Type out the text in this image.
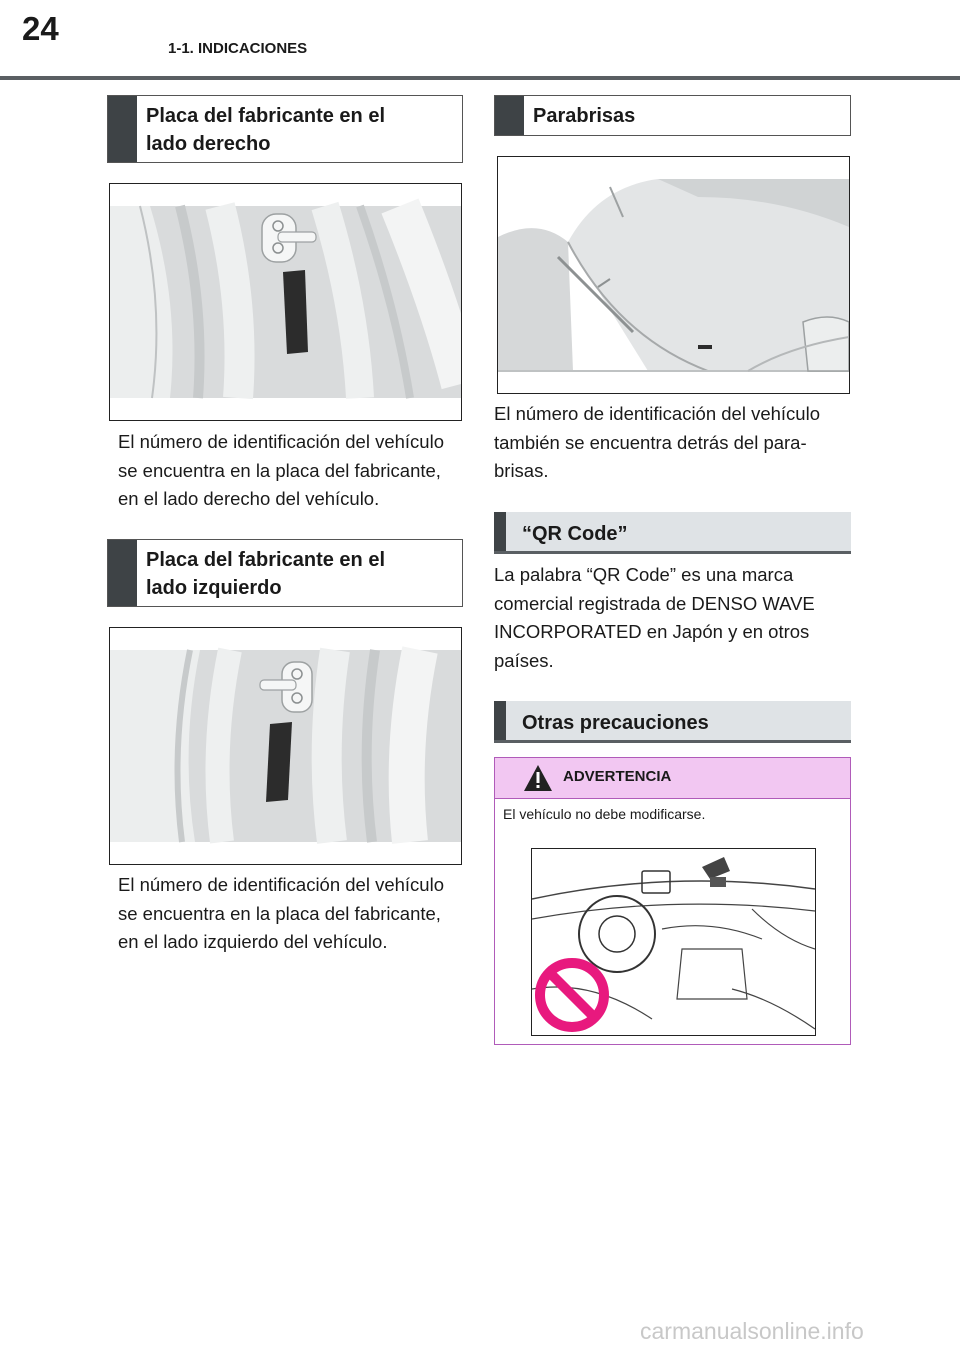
24
1-1. INDICACIONES
Placa del fabricante en el
lado derecho
El número de identificación del vehículo
se encuentra en la placa del fabricante,
en el lado derecho del vehículo.
Placa del fabricante en el
lado izquierdo
El número de identificación del vehículo
se encuentra en la placa del fabricante,
en el lado izquierdo del vehículo.
Parabrisas
El número de identificación del vehículo
también se encuentra detrás del para-
brisas.
“QR Code”
La palabra “QR Code” es una marca
comercial registrada de DENSO WAVE
INCORPORATED en Japón y en otros
países.
Otras precauciones
ADVERTENCIA
El vehículo no debe modificarse.
carmanualsonline.info
